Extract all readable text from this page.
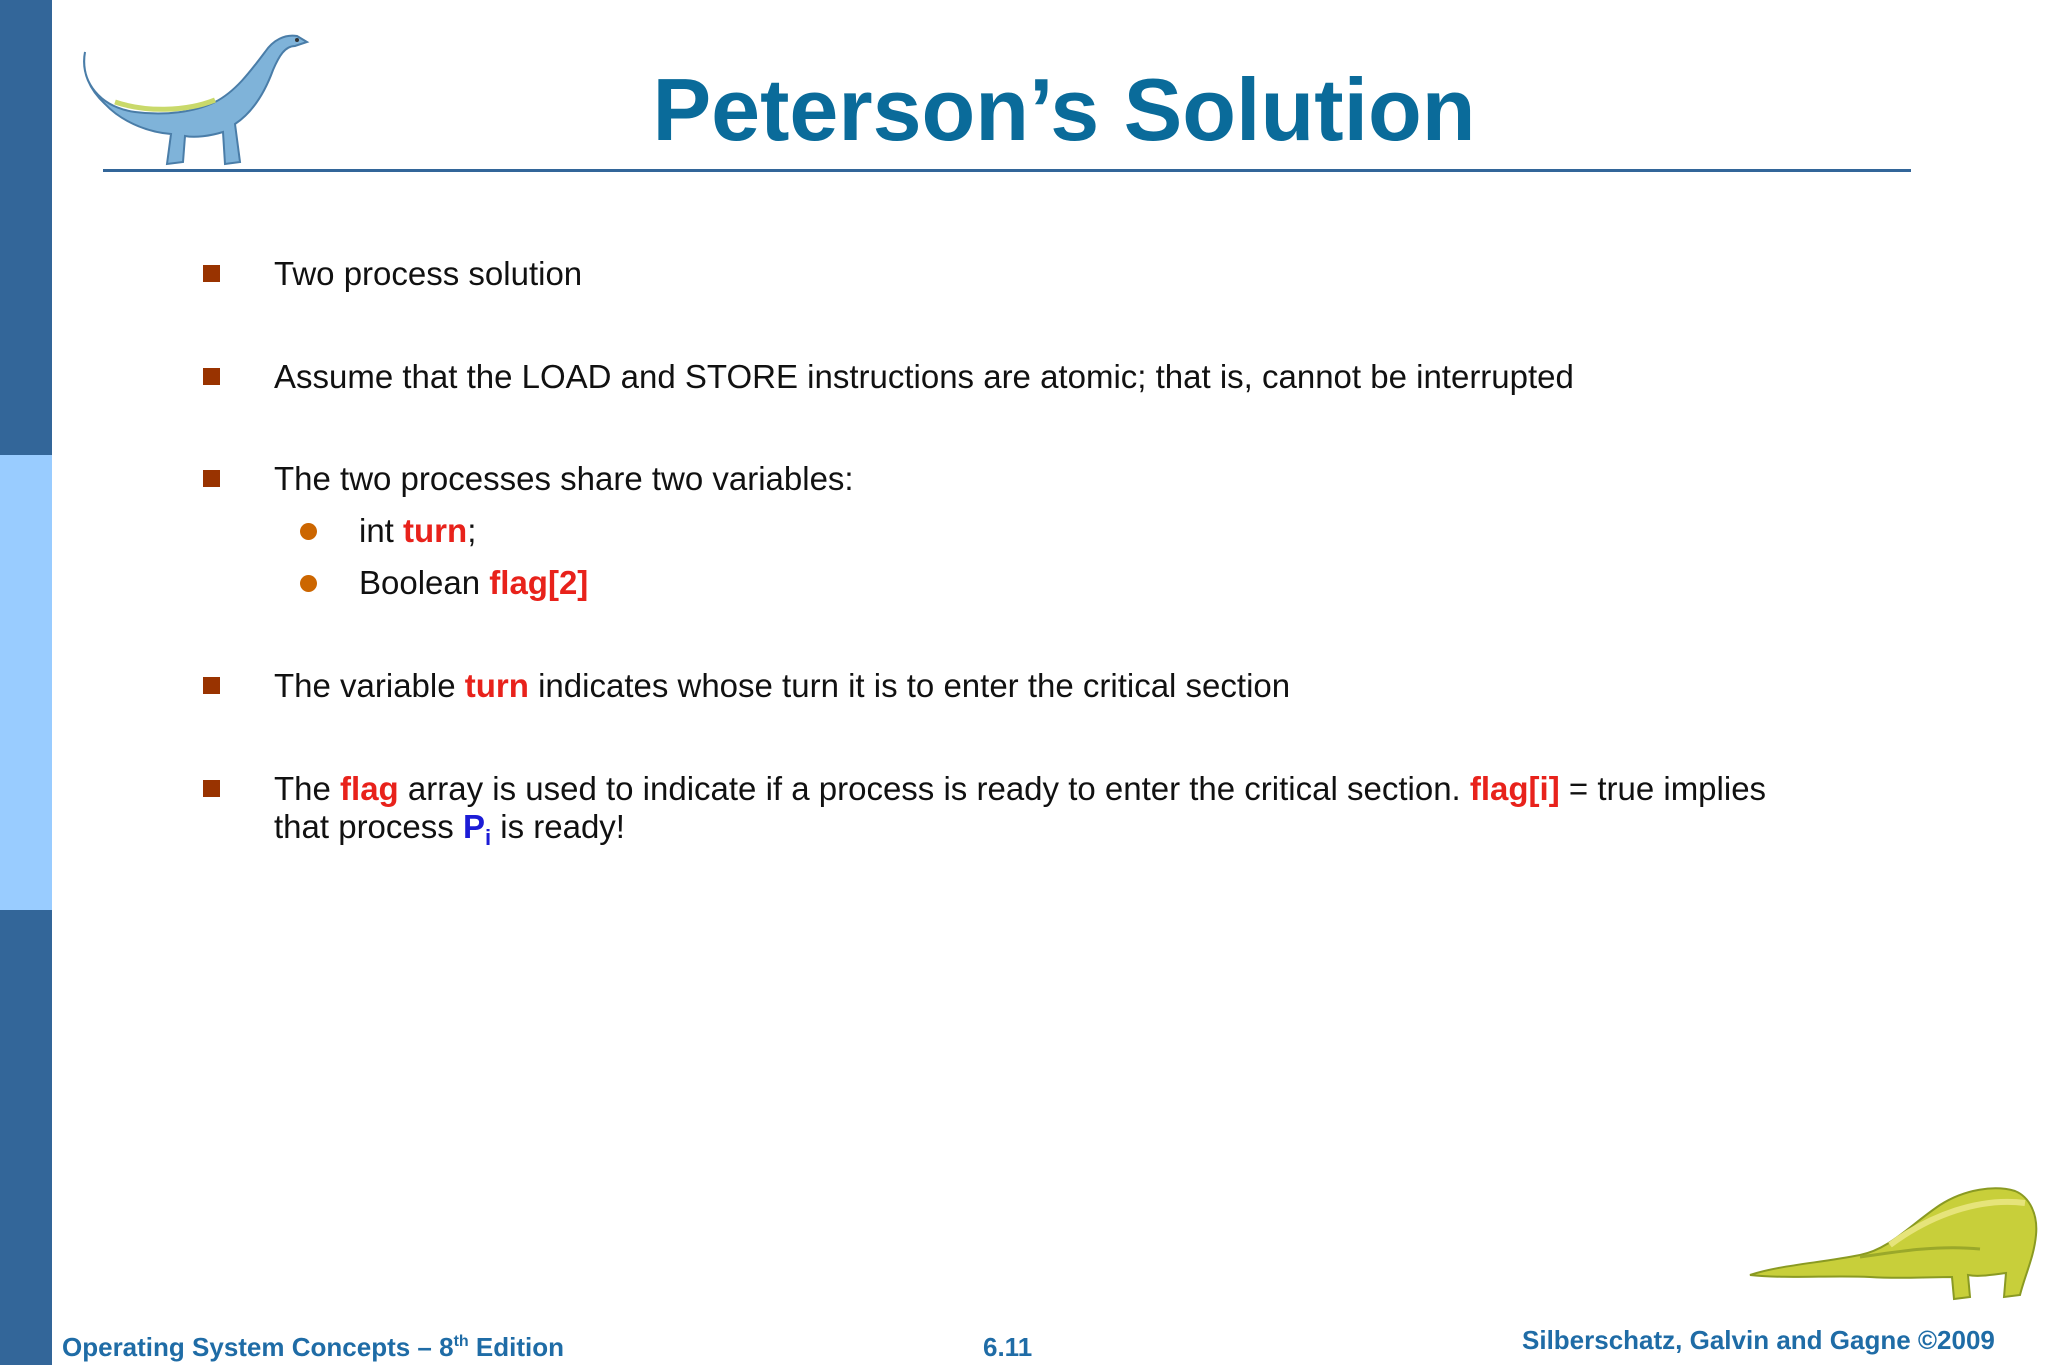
Peterson’s Solution
Two process solution
Assume that the LOAD and STORE instructions are atomic; that is, cannot be interrupted
The two processes share two variables:
int turn;
Boolean flag[2]
The variable turn indicates whose turn it is to enter the critical section
The flag array is used to indicate if a process is ready to enter the critical section. flag[i] = true implies
that process $P_i$ is ready!
Operating System Concepts – 8th Edition	6.11	Silberschatz, Galvin and Gagne ©2009
